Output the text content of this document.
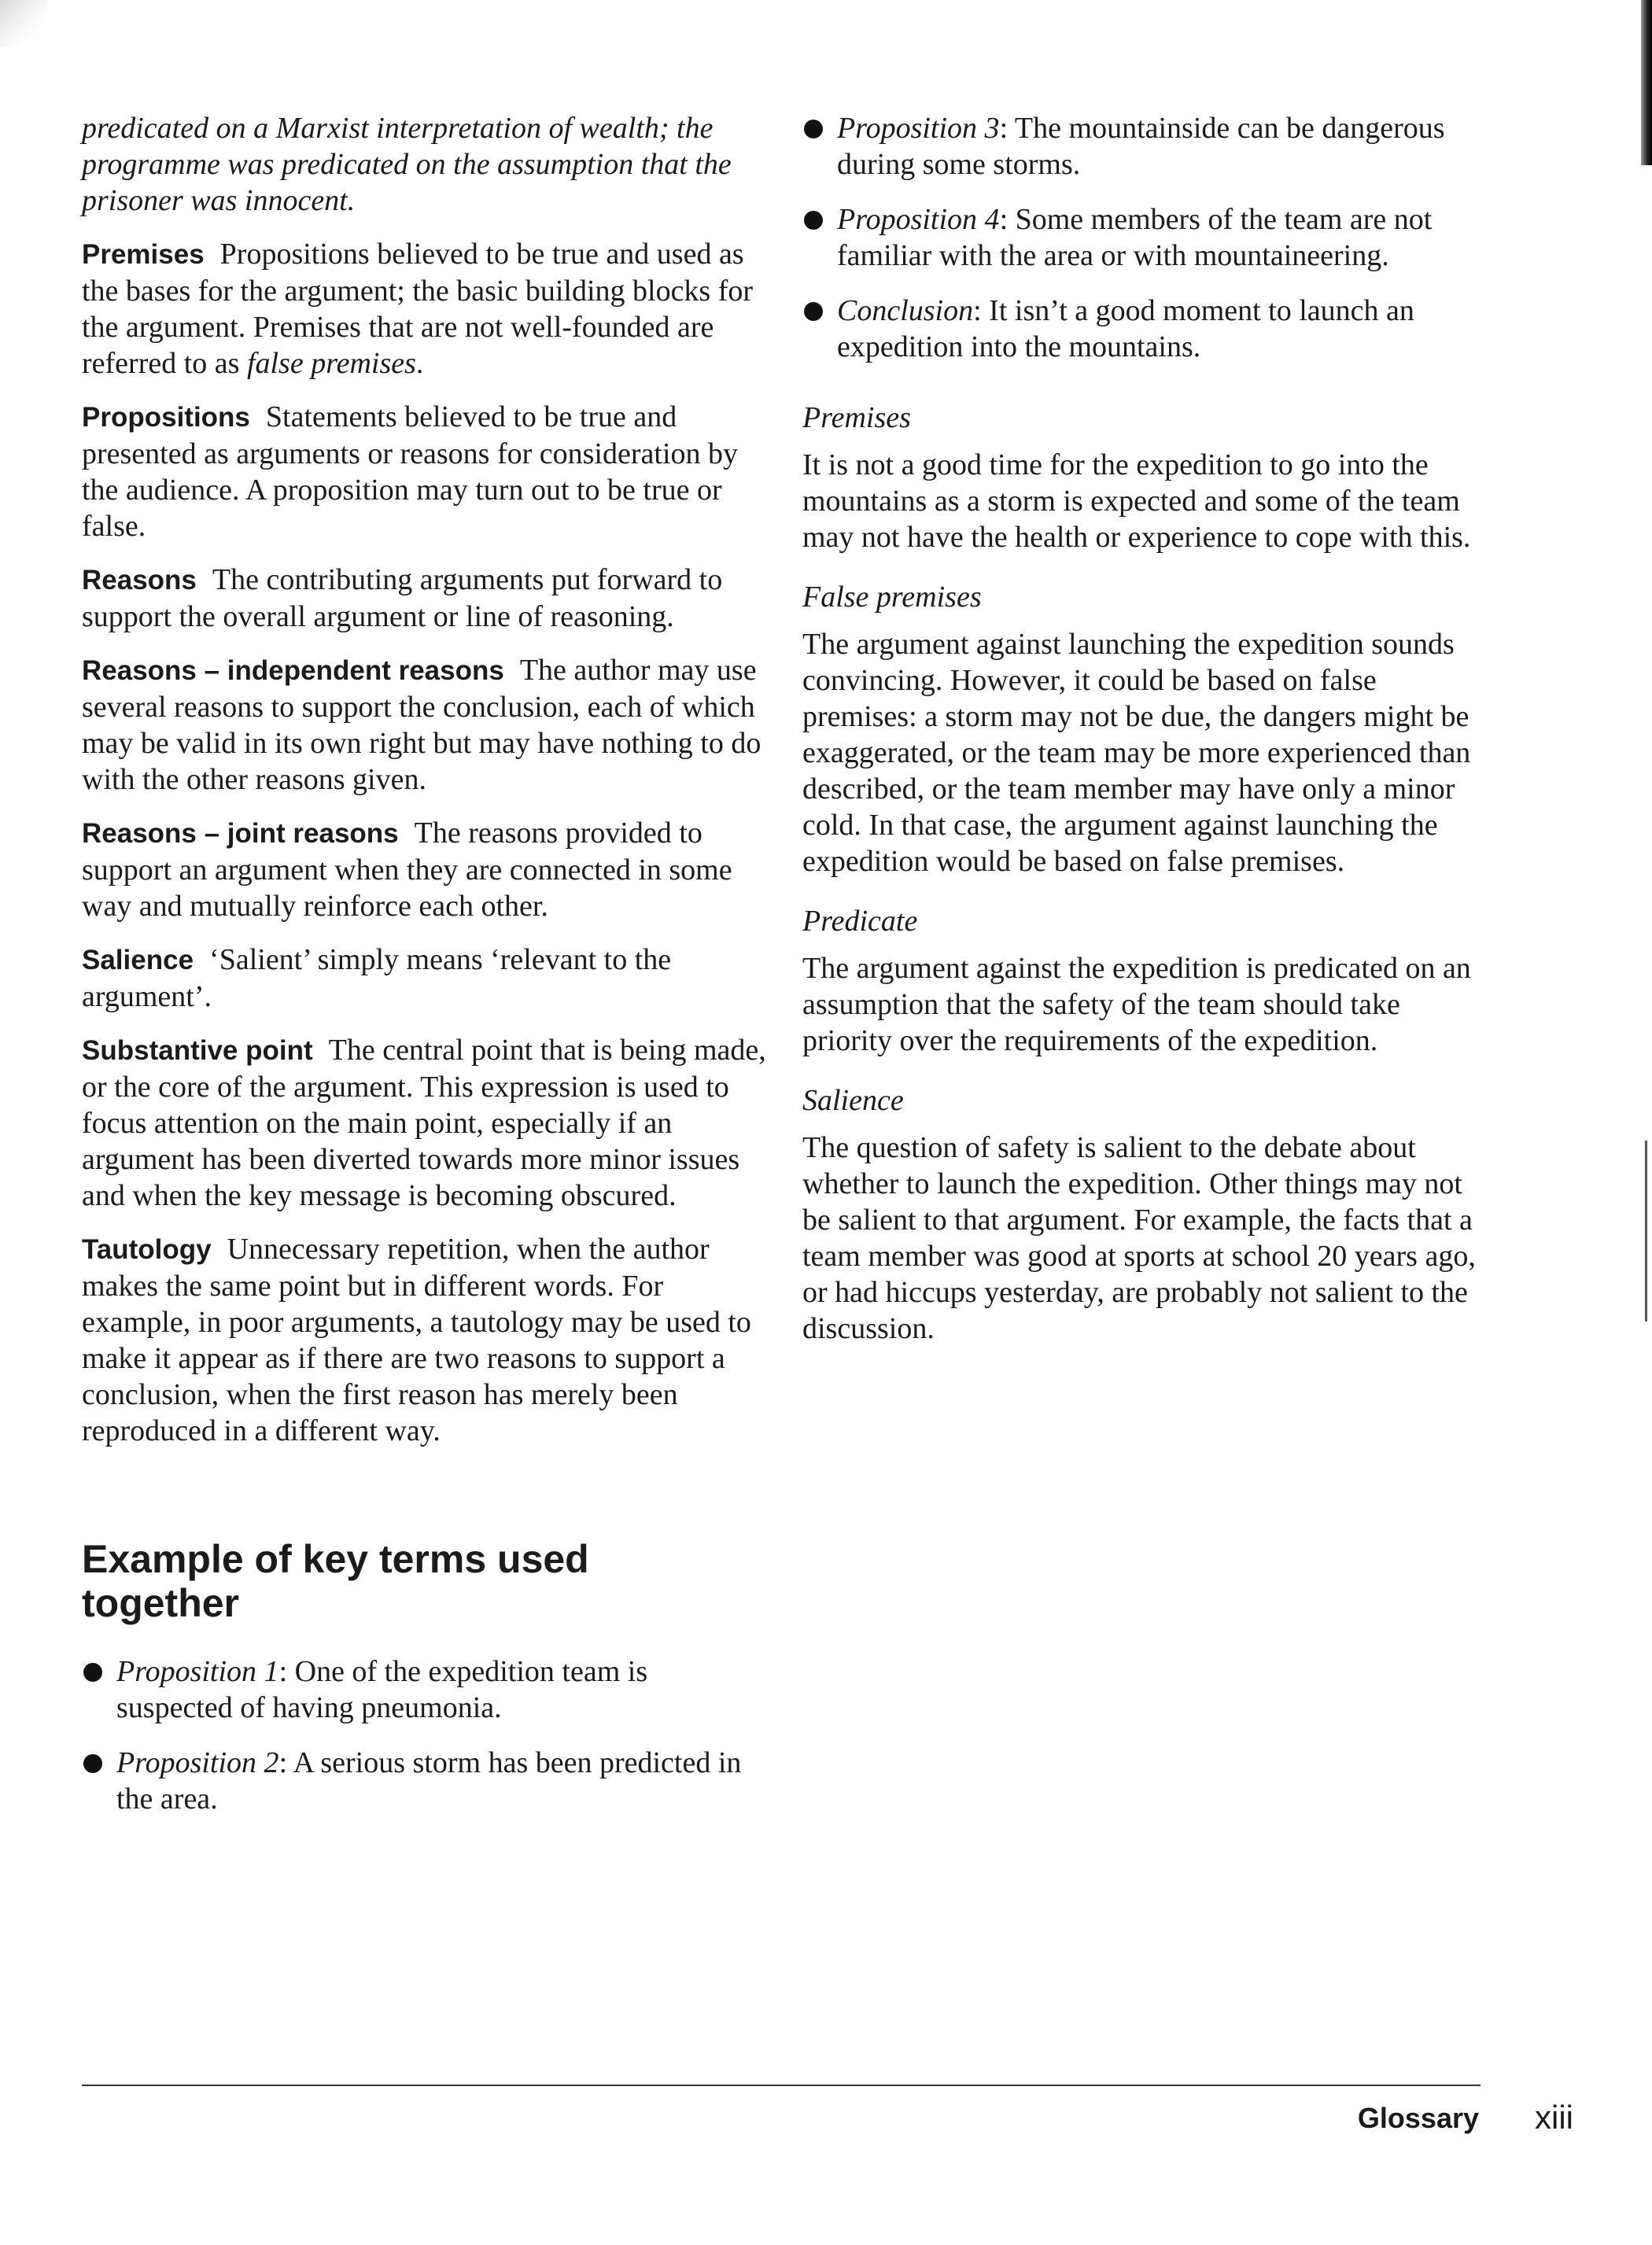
predicated on a Marxist interpretation of wealth; the programme was predicated on the assumption that the prisoner was innocent.

Premises Propositions believed to be true and used as the bases for the argument; the basic building blocks for the argument. Premises that are not well-founded are referred to as false premises.

Propositions Statements believed to be true and presented as arguments or reasons for consideration by the audience. A proposition may turn out to be true or false.

Reasons The contributing arguments put forward to support the overall argument or line of reasoning.

Reasons – independent reasons The author may use several reasons to support the conclusion, each of which may be valid in its own right but may have nothing to do with the other reasons given.

Reasons – joint reasons The reasons provided to support an argument when they are connected in some way and mutually reinforce each other.

Salience ‘Salient’ simply means ‘relevant to the argument’.

Substantive point The central point that is being made, or the core of the argument. This expression is used to focus attention on the main point, especially if an argument has been diverted towards more minor issues and when the key message is becoming obscured.

Tautology Unnecessary repetition, when the author makes the same point but in different words. For example, in poor arguments, a tautology may be used to make it appear as if there are two reasons to support a conclusion, when the first reason has merely been reproduced in a different way.

Example of key terms used together
Proposition 1: One of the expedition team is suspected of having pneumonia.
Proposition 2: A serious storm has been predicted in the area.
Proposition 3: The mountainside can be dangerous during some storms.
Proposition 4: Some members of the team are not familiar with the area or with mountaineering.
Conclusion: It isn’t a good moment to launch an expedition into the mountains.

Premises

It is not a good time for the expedition to go into the mountains as a storm is expected and some of the team may not have the health or experience to cope with this.

False premises

The argument against launching the expedition sounds convincing. However, it could be based on false premises: a storm may not be due, the dangers might be exaggerated, or the team may be more experienced than described, or the team member may have only a minor cold. In that case, the argument against launching the expedition would be based on false premises.

Predicate

The argument against the expedition is predicated on an assumption that the safety of the team should take priority over the requirements of the expedition.

Salience

The question of safety is salient to the debate about whether to launch the expedition. Other things may not be salient to that argument. For example, the facts that a team member was good at sports at school 20 years ago, or had hiccups yesterday, are probably not salient to the discussion.

Glossary xiii
